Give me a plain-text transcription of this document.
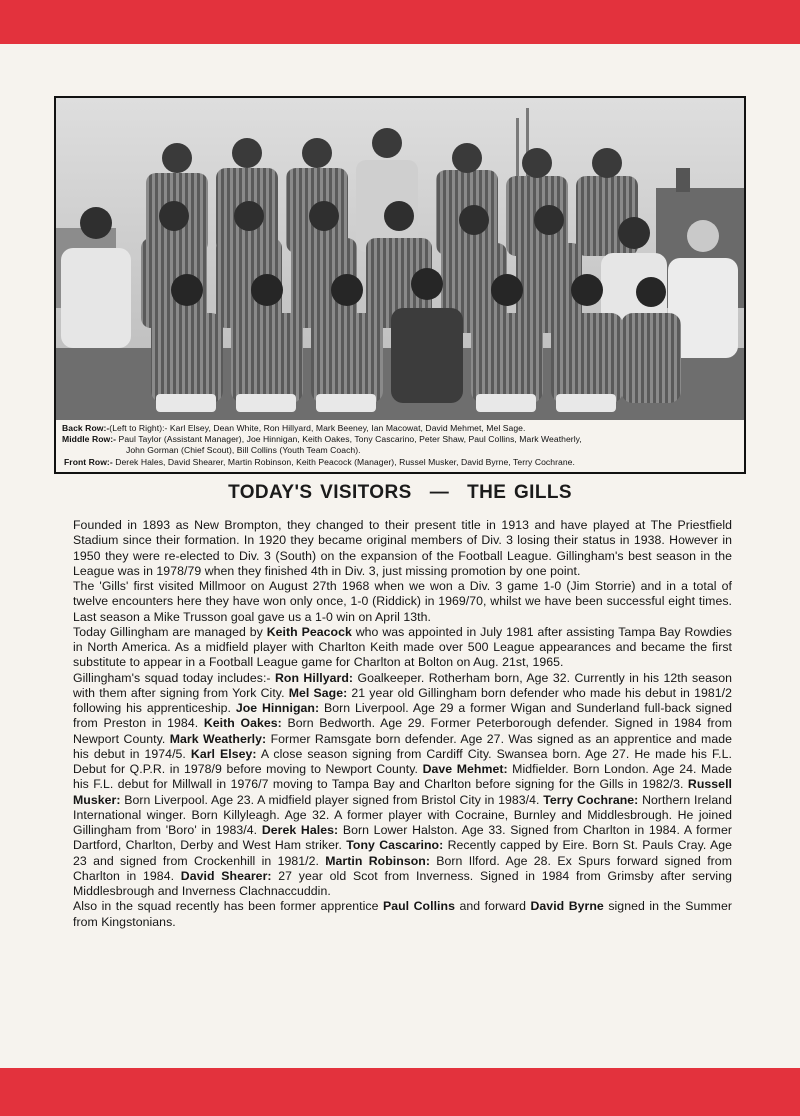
Back Row:-(Left to Right):- Karl Elsey, Dean White, Ron Hillyard, Mark Beeney, Ian Macowat, David Mehmet, Mel Sage.
Middle Row:- Paul Taylor (Assistant Manager), Joe Hinnigan, Keith Oakes, Tony Cascarino, Peter Shaw, Paul Collins, Mark Weatherly,
John Gorman (Chief Scout), Bill Collins (Youth Team Coach).
Front Row:- Derek Hales, David Shearer, Martin Robinson, Keith Peacock (Manager), Russel Musker, David Byrne, Terry Cochrane.
TODAY'S VISITORS — THE GILLS

Founded in 1893 as New Brompton, they changed to their present title in 1913 and have played at The Priestfield Stadium since their formation. In 1920 they became original members of Div. 3 losing their status in 1938. However in 1950 they were re-elected to Div. 3 (South) on the expansion of the Football League. Gillingham's best season in the League was in 1978/79 when they finished 4th in Div. 3, just missing promotion by one point.

The 'Gills' first visited Millmoor on August 27th 1968 when we won a Div. 3 game 1-0 (Jim Storrie) and in a total of twelve encounters here they have won only once, 1-0 (Riddick) in 1969/70, whilst we have been successful eight times. Last season a Mike Trusson goal gave us a 1-0 win on April 13th.

Today Gillingham are managed by Keith Peacock who was appointed in July 1981 after assisting Tampa Bay Rowdies in North America. As a midfield player with Charlton Keith made over 500 League appearances and became the first substitute to appear in a Football League game for Charlton at Bolton on Aug. 21st, 1965.

Gillingham's squad today includes:- Ron Hillyard: Goalkeeper. Rotherham born, Age 32. Currently in his 12th season with them after signing from York City. Mel Sage: 21 year old Gillingham born defender who made his debut in 1981/2 following his apprenticeship. Joe Hinnigan: Born Liverpool. Age 29 a former Wigan and Sunderland full-back signed from Preston in 1984. Keith Oakes: Born Bedworth. Age 29. Former Peterborough defender. Signed in 1984 from Newport County. Mark Weatherly: Former Ramsgate born defender. Age 27. Was signed as an apprentice and made his debut in 1974/5. Karl Elsey: A close season signing from Cardiff City. Swansea born. Age 27. He made his F.L. Debut for Q.P.R. in 1978/9 before moving to Newport County. Dave Mehmet: Midfielder. Born London. Age 24. Made his F.L. debut for Millwall in 1976/7 moving to Tampa Bay and Charlton before signing for the Gills in 1982/3. Russell Musker: Born Liverpool. Age 23. A midfield player signed from Bristol City in 1983/4. Terry Cochrane: Northern Ireland International winger. Born Killyleagh. Age 32. A former player with Cocraine, Burnley and Middlesbrough. He joined Gillingham from 'Boro' in 1983/4. Derek Hales: Born Lower Halston. Age 33. Signed from Charlton in 1984. A former Dartford, Charlton, Derby and West Ham striker. Tony Cascarino: Recently capped by Eire. Born St. Pauls Cray. Age 23 and signed from Crockenhill in 1981/2. Martin Robinson: Born Ilford. Age 28. Ex Spurs forward signed from Charlton in 1984. David Shearer: 27 year old Scot from Inverness. Signed in 1984 from Grimsby after serving Middlesbrough and Inverness Clachnaccuddin.

Also in the squad recently has been former apprentice Paul Collins and forward David Byrne signed in the Summer from Kingstonians.
